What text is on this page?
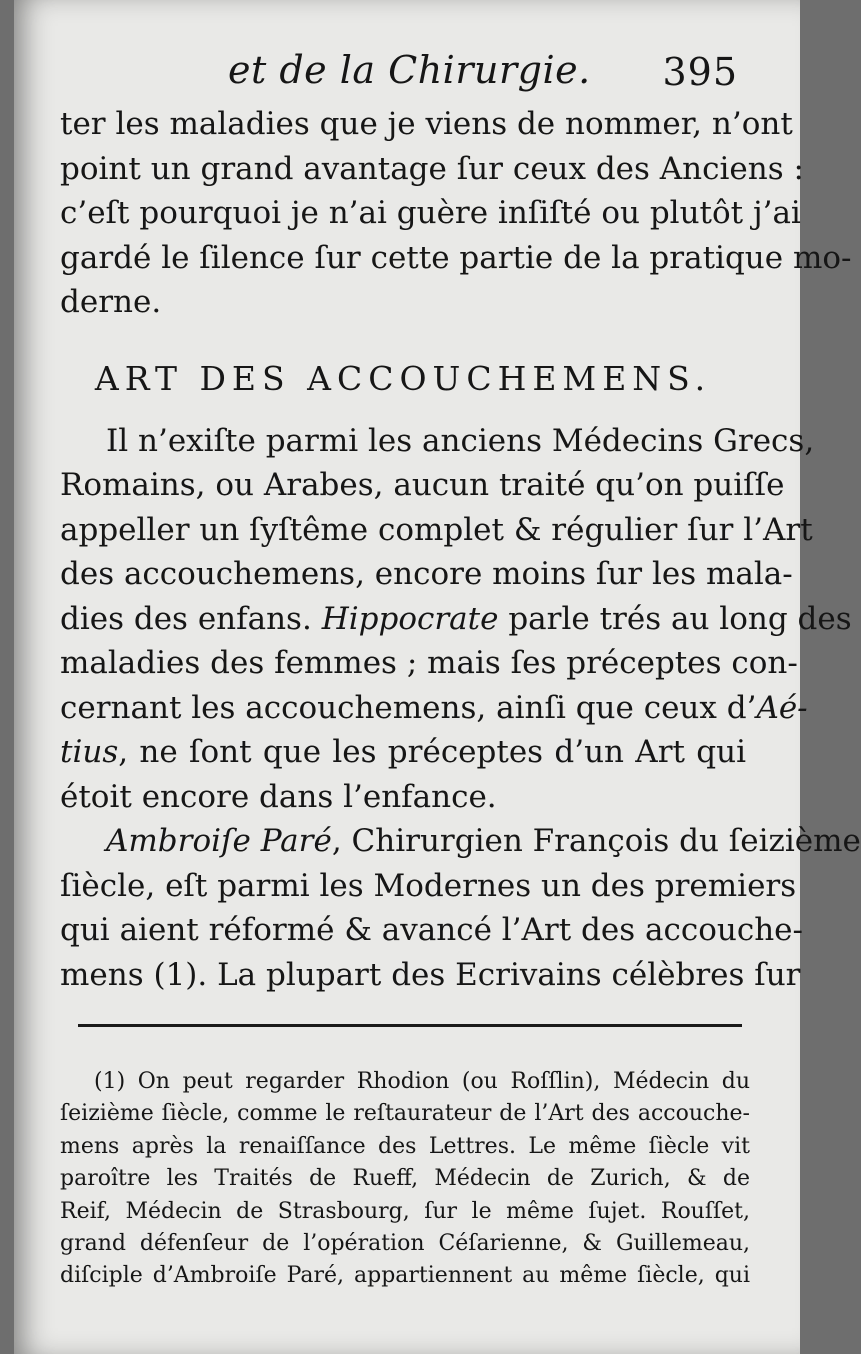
et de la Chirurgie. 395
ter les maladies que je viens de nommer, n’ont
point un grand avantage ſur ceux des Anciens :
c’eſt pourquoi je n’ai guère inſiſté ou plutôt j’ai
gardé le ſilence ſur cette partie de la pratique mo-
derne.
ART DES ACCOUCHEMENS.
Il n’exiſte parmi les anciens Médecins Grecs,
Romains, ou Arabes, aucun traité qu’on puiſſe
appeller un ſyſtême complet & régulier ſur l’Art
des accouchemens, encore moins ſur les mala-
dies des enfans. Hippocrate parle trés au long des
maladies des femmes ; mais ſes préceptes con-
cernant les accouchemens, ainſi que ceux d’Aé-
tius, ne ſont que les préceptes d’un Art qui
étoit encore dans l’enfance.
Ambroiſe Paré, Chirurgien François du ſeizième
ſiècle, eſt parmi les Modernes un des premiers
qui aient réformé & avancé l’Art des accouche-
mens (1). La plupart des Ecrivains célèbres ſur
(1) On peut regarder Rhodion (ou Roſſlin), Médecin du
ſeizième ſiècle, comme le reſtaurateur de l’Art des accouche-
mens après la renaiſſance des Lettres. Le même ſiècle vit
paroître les Traités de Rueff, Médecin de Zurich, & de
Reif, Médecin de Strasbourg, ſur le même ſujet. Rouſſet,
grand défenſeur de l’opération Céſarienne, & Guillemeau,
diſciple d’Ambroiſe Paré, appartiennent au même ſiècle, qui
